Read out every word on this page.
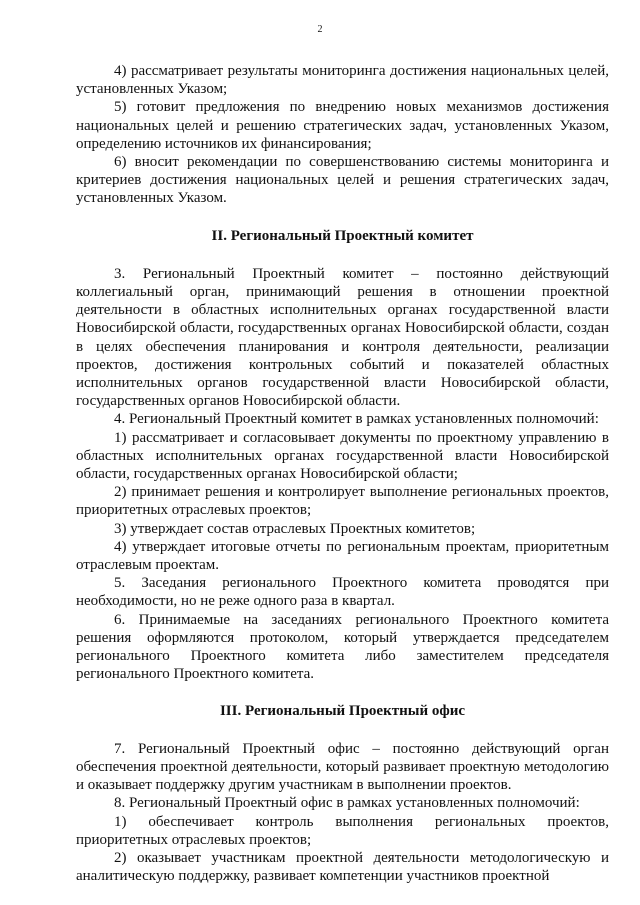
2

4) рассматривает результаты мониторинга достижения национальных целей, установленных Указом;

5) готовит предложения по внедрению новых механизмов достижения национальных целей и решению стратегических задач, установленных Указом, определению источников их финансирования;

6) вносит рекомендации по совершенствованию системы мониторинга и критериев достижения национальных целей и решения стратегических задач, установленных Указом.

II. Региональный Проектный комитет

3. Региональный Проектный комитет – постоянно действующий коллегиальный орган, принимающий решения в отношении проектной деятельности в областных исполнительных органах государственной власти Новосибирской области, государственных органах Новосибирской области, создан в целях обеспечения планирования и контроля деятельности, реализации проектов, достижения контрольных событий и показателей областных исполнительных органов государственной власти Новосибирской области, государственных органов Новосибирской области.

4. Региональный Проектный комитет в рамках установленных полномочий:

1) рассматривает и согласовывает документы по проектному управлению в областных исполнительных органах государственной власти Новосибирской области, государственных органах Новосибирской области;

2) принимает решения и контролирует выполнение региональных проектов, приоритетных отраслевых проектов;

3) утверждает состав отраслевых Проектных комитетов;

4) утверждает итоговые отчеты по региональным проектам, приоритетным отраслевым проектам.

5. Заседания регионального Проектного комитета проводятся при необходимости, но не реже одного раза в квартал.

6. Принимаемые на заседаниях регионального Проектного комитета решения оформляются протоколом, который утверждается председателем регионального Проектного комитета либо заместителем председателя регионального Проектного комитета.

III. Региональный Проектный офис

7. Региональный Проектный офис – постоянно действующий орган обеспечения проектной деятельности, который развивает проектную методологию и оказывает поддержку другим участникам в выполнении проектов.

8. Региональный Проектный офис в рамках установленных полномочий:

1) обеспечивает контроль выполнения региональных проектов, приоритетных отраслевых проектов;

2) оказывает участникам проектной деятельности методологическую и аналитическую поддержку, развивает компетенции участников проектной
